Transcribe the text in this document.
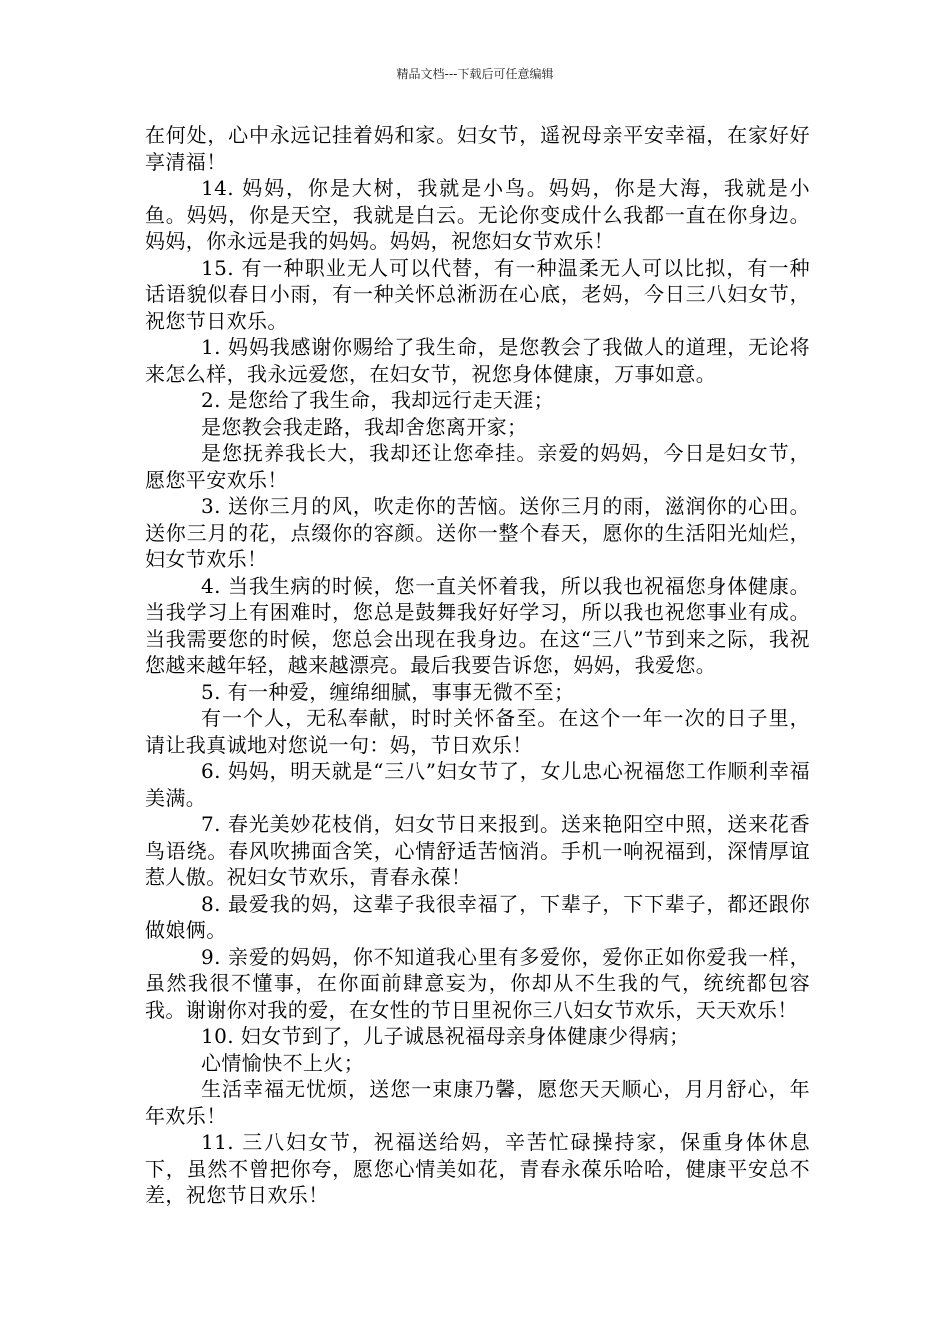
精品文档---下载后可任意编辑

在何处，心中永远记挂着妈和家。妇女节，遥祝母亲平安幸福，在家好好享清福！

14. 妈妈，你是大树，我就是小鸟。妈妈，你是大海，我就是小鱼。妈妈，你是天空，我就是白云。无论你变成什么我都一直在你身边。妈妈，你永远是我的妈妈。妈妈，祝您妇女节欢乐！

15. 有一种职业无人可以代替，有一种温柔无人可以比拟，有一种话语貌似春日小雨，有一种关怀总淅沥在心底，老妈，今日三八妇女节，祝您节日欢乐。

1. 妈妈我感谢你赐给了我生命，是您教会了我做人的道理，无论将来怎么样，我永远爱您，在妇女节，祝您身体健康，万事如意。

2. 是您给了我生命，我却远行走天涯；

是您教会我走路，我却舍您离开家；

是您抚养我长大，我却还让您牵挂。亲爱的妈妈，今日是妇女节，愿您平安欢乐！

3. 送你三月的风，吹走你的苦恼。送你三月的雨，滋润你的心田。送你三月的花，点缀你的容颜。送你一整个春天，愿你的生活阳光灿烂，妇女节欢乐！

4. 当我生病的时候，您一直关怀着我，所以我也祝福您身体健康。当我学习上有困难时，您总是鼓舞我好好学习，所以我也祝您事业有成。当我需要您的时候，您总会出现在我身边。在这“三八”节到来之际，我祝您越来越年轻，越来越漂亮。最后我要告诉您，妈妈，我爱您。

5. 有一种爱，缠绵细腻，事事无微不至；

有一个人，无私奉献，时时关怀备至。在这个一年一次的日子里，请让我真诚地对您说一句：妈，节日欢乐！

6. 妈妈，明天就是“三八”妇女节了，女儿忠心祝福您工作顺利幸福美满。

7. 春光美妙花枝俏，妇女节日来报到。送来艳阳空中照，送来花香鸟语绕。春风吹拂面含笑，心情舒适苦恼消。手机一响祝福到，深情厚谊惹人傲。祝妇女节欢乐，青春永葆！

8. 最爱我的妈，这辈子我很幸福了，下辈子，下下辈子，都还跟你做娘俩。

9. 亲爱的妈妈，你不知道我心里有多爱你，爱你正如你爱我一样，虽然我很不懂事，在你面前肆意妄为，你却从不生我的气，统统都包容我。谢谢你对我的爱，在女性的节日里祝你三八妇女节欢乐，天天欢乐！

10. 妇女节到了，儿子诚恳祝福母亲身体健康少得病；

心情愉快不上火；

生活幸福无忧烦，送您一束康乃馨，愿您天天顺心，月月舒心，年年欢乐！

11. 三八妇女节，祝福送给妈，辛苦忙碌操持家，保重身体休息下，虽然不曾把你夸，愿您心情美如花，青春永葆乐哈哈，健康平安总不差，祝您节日欢乐！
